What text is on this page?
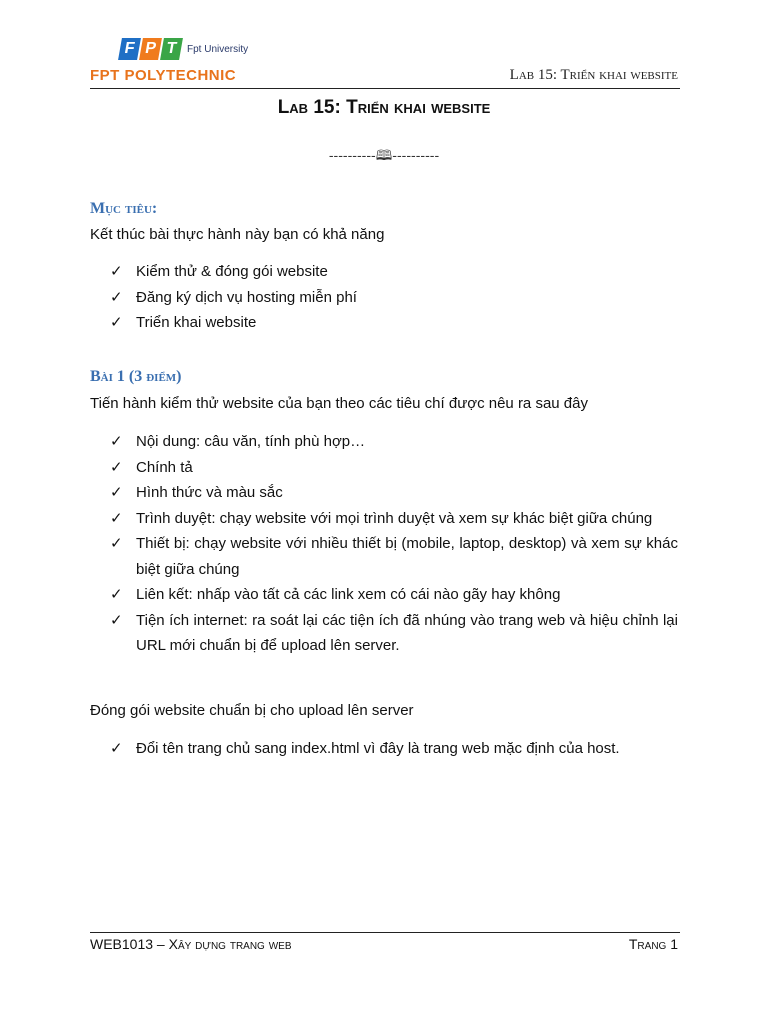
F P T Fpt University
FPT POLYTECHNIC	Lab 15: Triển khai website
Lab 15: Triển khai website
----------🕮----------
Mục tiêu:
Kết thúc bài thực hành này bạn có khả năng
✓ Kiểm thử & đóng gói website
✓ Đăng ký dịch vụ hosting miễn phí
✓ Triển khai website
Bài 1 (3 điểm)
Tiến hành kiểm thử website của bạn theo các tiêu chí được nêu ra sau đây
✓ Nội dung: câu văn, tính phù hợp…
✓ Chính tả
✓ Hình thức và màu sắc
✓ Trình duyệt: chạy website với mọi trình duyệt và xem sự khác biệt giữa chúng
✓ Thiết bị: chạy website với nhiều thiết bị (mobile, laptop, desktop) và xem sự khác biệt giữa chúng
✓ Liên kết: nhấp vào tất cả các link xem có cái nào gãy hay không
✓ Tiện ích internet: ra soát lại các tiện ích đã nhúng vào trang web và hiệu chỉnh lại URL mới chuẩn bị để upload lên server.
Đóng gói website chuẩn bị cho upload lên server
✓ Đổi tên trang chủ sang index.html vì đây là trang web mặc định của host.
WEB1013 – Xây dựng trang web	Trang 1
